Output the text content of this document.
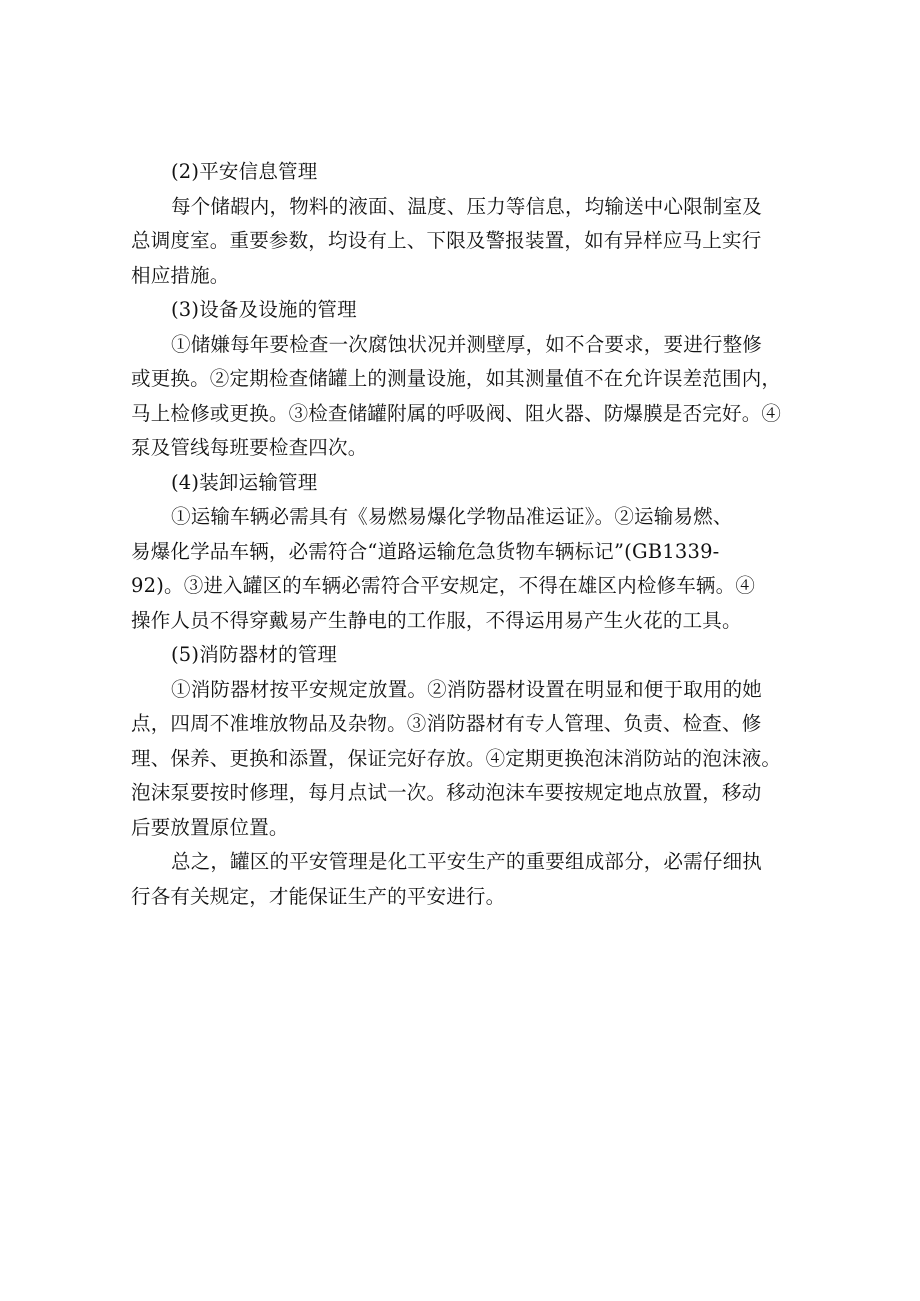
(2)平安信息管理
每个储嘏内，物料的液面、温度、压力等信息，均输送中心限制室及
总调度室。重要参数，均设有上、下限及警报装置，如有异样应马上实行
相应措施。
(3)设备及设施的管理
①储嫌每年要检查一次腐蚀状况并测壁厚，如不合要求，要进行整修
或更换。②定期检查储罐上的测量设施，如其测量值不在允许误差范围内，
马上检修或更换。③检查储罐附属的呼吸阀、阻火器、防爆膜是否完好。④
泵及管线每班要检查四次。
(4)装卸运输管理
①运输车辆必需具有《易燃易爆化学物品准运证》。②运输易燃、
易爆化学品车辆，必需符合“道路运输危急货物车辆标记”(GB1339-
92)。③进入罐区的车辆必需符合平安规定，不得在雄区内检修车辆。④
操作人员不得穿戴易产生静电的工作服，不得运用易产生火花的工具。
(5)消防器材的管理
①消防器材按平安规定放置。②消防器材设置在明显和便于取用的她
点，四周不准堆放物品及杂物。③消防器材有专人管理、负责、检查、修
理、保养、更换和添置，保证完好存放。④定期更换泡沫消防站的泡沫液。
泡沫泵要按时修理，每月点试一次。移动泡沫车要按规定地点放置，移动
后要放置原位置。
总之，罐区的平安管理是化工平安生产的重要组成部分，必需仔细执
行各有关规定，才能保证生产的平安进行。
